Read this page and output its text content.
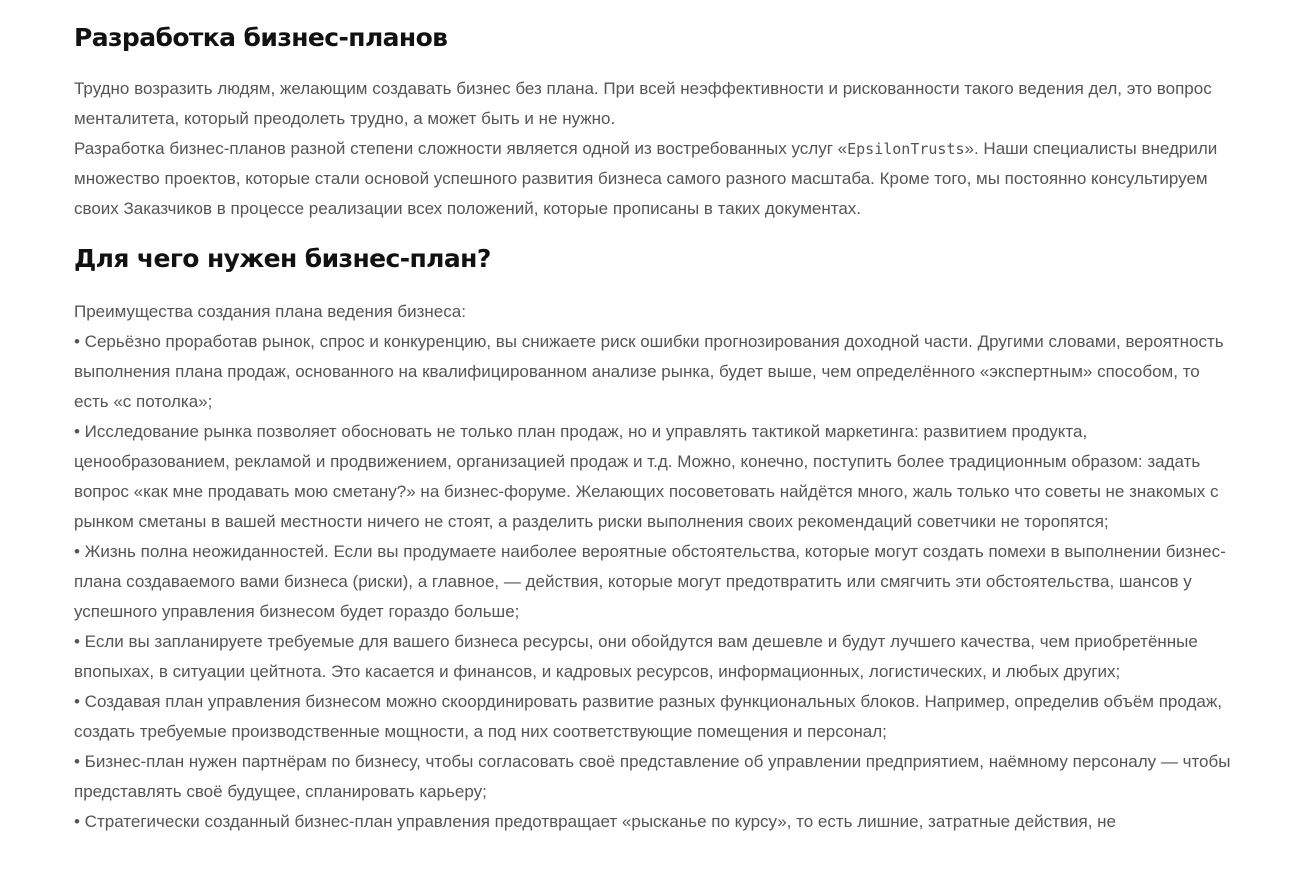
Разработка бизнес-планов
Трудно возразить людям, желающим создавать бизнес без плана. При всей неэффективности и рискованности такого ведения дел, это вопрос менталитета, который преодолеть трудно, а может быть и не нужно.
Разработка бизнес-планов разной степени сложности является одной из востребованных услуг «EpsilonTrusts». Наши специалисты внедрили множество проектов, которые стали основой успешного развития бизнеса самого разного масштаба. Кроме того, мы постоянно консультируем своих Заказчиков в процессе реализации всех положений, которые прописаны в таких документах.
Для чего нужен бизнес-план?
Преимущества создания плана ведения бизнеса:
• Серьёзно проработав рынок, спрос и конкуренцию, вы снижаете риск ошибки прогнозирования доходной части. Другими словами, вероятность выполнения плана продаж, основанного на квалифицированном анализе рынка, будет выше, чем определённого «экспертным» способом, то есть «с потолка»;
• Исследование рынка позволяет обосновать не только план продаж, но и управлять тактикой маркетинга: развитием продукта, ценообразованием, рекламой и продвижением, организацией продаж и т.д. Можно, конечно, поступить более традиционным образом: задать вопрос «как мне продавать мою сметану?» на бизнес-форуме. Желающих посоветовать найдётся много, жаль только что советы не знакомых с рынком сметаны в вашей местности ничего не стоят, а разделить риски выполнения своих рекомендаций советчики не торопятся;
• Жизнь полна неожиданностей. Если вы продумаете наиболее вероятные обстоятельства, которые могут создать помехи в выполнении бизнес-плана создаваемого вами бизнеса (риски), а главное, — действия, которые могут предотвратить или смягчить эти обстоятельства, шансов у успешного управления бизнесом будет гораздо больше;
• Если вы запланируете требуемые для вашего бизнеса ресурсы, они обойдутся вам дешевле и будут лучшего качества, чем приобретённые впопыхах, в ситуации цейтнота. Это касается и финансов, и кадровых ресурсов, информационных, логистических, и любых других;
• Создавая план управления бизнесом можно скоординировать развитие разных функциональных блоков. Например, определив объём продаж, создать требуемые производственные мощности, а под них соответствующие помещения и персонал;
• Бизнес-план нужен партнёрам по бизнесу, чтобы согласовать своё представление об управлении предприятием, наёмному персоналу — чтобы представлять своё будущее, спланировать карьеру;
• Стратегически созданный бизнес-план управления предотвращает «рысканье по курсу», то есть лишние, затратные действия, не
